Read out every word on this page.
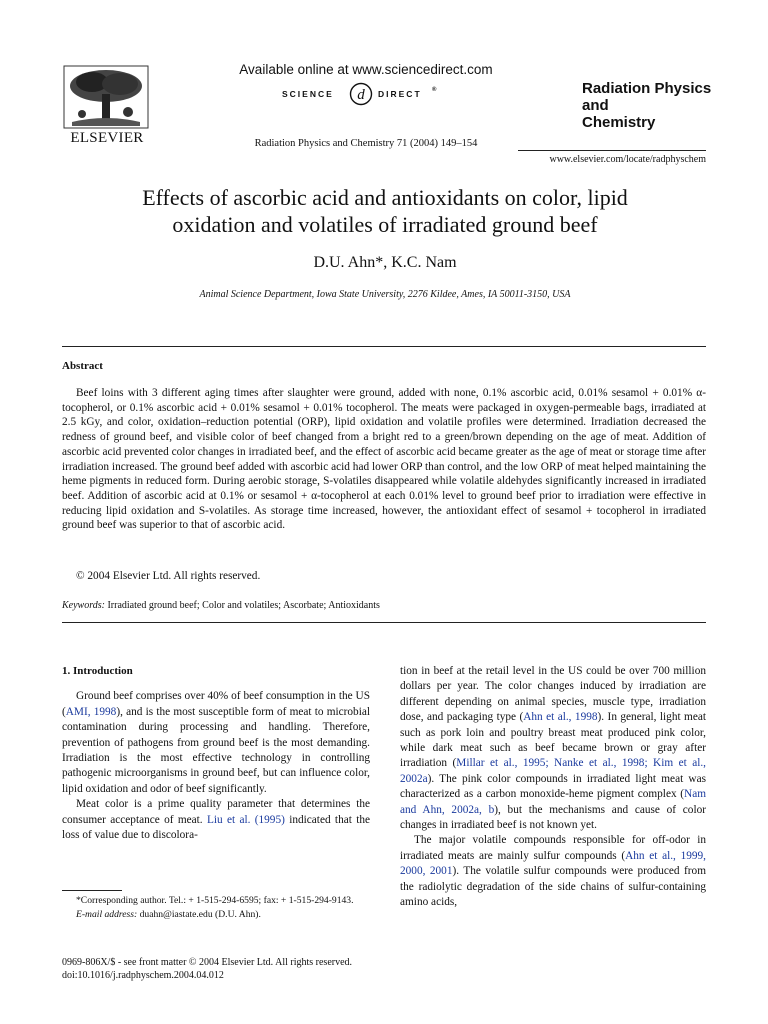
ELSEVIER
Available online at www.sciencedirect.com
SCIENCE d DIRECT ®
Radiation Physics and Chemistry 71 (2004) 149–154
Radiation Physics
and
Chemistry
www.elsevier.com/locate/radphyschem
Effects of ascorbic acid and antioxidants on color, lipid
oxidation and volatiles of irradiated ground beef
D.U. Ahn*, K.C. Nam
Animal Science Department, Iowa State University, 2276 Kildee, Ames, IA 50011-3150, USA
Abstract
Beef loins with 3 different aging times after slaughter were ground, added with none, 0.1% ascorbic acid, 0.01% sesamol + 0.01% α-tocopherol, or 0.1% ascorbic acid + 0.01% sesamol + 0.01% tocopherol. The meats were packaged in oxygen-permeable bags, irradiated at 2.5 kGy, and color, oxidation–reduction potential (ORP), lipid oxidation and volatile profiles were determined. Irradiation decreased the redness of ground beef, and visible color of beef changed from a bright red to a green/brown depending on the age of meat. Addition of ascorbic acid prevented color changes in irradiated beef, and the effect of ascorbic acid became greater as the age of meat or storage time after irradiation increased. The ground beef added with ascorbic acid had lower ORP than control, and the low ORP of meat helped maintaining the heme pigments in reduced form. During aerobic storage, S-volatiles disappeared while volatile aldehydes significantly increased in irradiated beef. Addition of ascorbic acid at 0.1% or sesamol + α-tocopherol at each 0.01% level to ground beef prior to irradiation were effective in reducing lipid oxidation and S-volatiles. As storage time increased, however, the antioxidant effect of sesamol + tocopherol in irradiated ground beef was superior to that of ascorbic acid.
© 2004 Elsevier Ltd. All rights reserved.
Keywords: Irradiated ground beef; Color and volatiles; Ascorbate; Antioxidants

1. Introduction

Ground beef comprises over 40% of beef consumption in the US (AMI, 1998), and is the most susceptible form of meat to microbial contamination during processing and handling. Therefore, prevention of pathogens from ground beef is the most demanding. Irradiation is the most effective technology in controlling pathogenic microorganisms in ground beef, but can influence color, lipid oxidation and odor of beef significantly.

Meat color is a prime quality parameter that determines the consumer acceptance of meat. Liu et al. (1995) indicated that the loss of value due to discolora-

tion in beef at the retail level in the US could be over 700 million dollars per year. The color changes induced by irradiation are different depending on animal species, muscle type, irradiation dose, and packaging type (Ahn et al., 1998). In general, light meat such as pork loin and poultry breast meat produced pink color, while dark meat such as beef became brown or gray after irradiation (Millar et al., 1995; Nanke et al., 1998; Kim et al., 2002a). The pink color compounds in irradiated light meat was characterized as a carbon monoxide-heme pigment complex (Nam and Ahn, 2002a, b), but the mechanisms and cause of color changes in irradiated beef is not known yet.

The major volatile compounds responsible for off-odor in irradiated meats are mainly sulfur compounds (Ahn et al., 1999, 2000, 2001). The volatile sulfur compounds were produced from the radiolytic degradation of the side chains of sulfur-containing amino acids,

*Corresponding author. Tel.: + 1-515-294-6595; fax: + 1-515-294-9143.
E-mail address: duahn@iastate.edu (D.U. Ahn).
0969-806X/$ - see front matter © 2004 Elsevier Ltd. All rights reserved.
doi:10.1016/j.radphyschem.2004.04.012
